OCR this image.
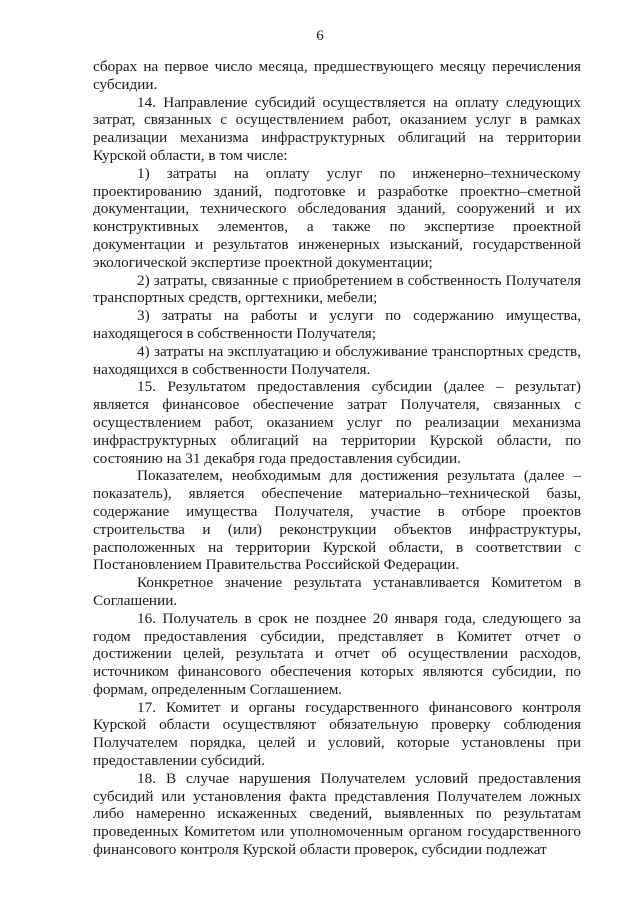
6

сборах на первое число месяца, предшествующего месяцу перечисления субсидии.

14. Направление субсидий осуществляется на оплату следующих затрат, связанных с осуществлением работ, оказанием услуг в рамках реализации механизма инфраструктурных облигаций на территории Курской области, в том числе:

1) затраты на оплату услуг по инженерно–техническому проектированию зданий, подготовке и разработке проектно–сметной документации, технического обследования зданий, сооружений и их конструктивных элементов, а также по экспертизе проектной документации и результатов инженерных изысканий, государственной экологической экспертизе проектной документации;

2) затраты, связанные с приобретением в собственность Получателя транспортных средств, оргтехники, мебели;

3) затраты на работы и услуги по содержанию имущества, находящегося в собственности Получателя;

4) затраты на эксплуатацию и обслуживание транспортных средств, находящихся в собственности Получателя.

15. Результатом предоставления субсидии (далее – результат) является финансовое обеспечение затрат Получателя, связанных с осуществлением работ, оказанием услуг по реализации механизма инфраструктурных облигаций на территории Курской области, по состоянию на 31 декабря года предоставления субсидии.

Показателем, необходимым для достижения результата (далее – показатель), является обеспечение материально–технической базы, содержание имущества Получателя, участие в отборе проектов строительства и (или) реконструкции объектов инфраструктуры, расположенных на территории Курской области, в соответствии с Постановлением Правительства Российской Федерации.

Конкретное значение результата устанавливается Комитетом в Соглашении.

16. Получатель в срок не позднее 20 января года, следующего за годом предоставления субсидии, представляет в Комитет отчет о достижении целей, результата и отчет об осуществлении расходов, источником финансового обеспечения которых являются субсидии, по формам, определенным Соглашением.

17. Комитет и органы государственного финансового контроля Курской области осуществляют обязательную проверку соблюдения Получателем порядка, целей и условий, которые установлены при предоставлении субсидий.

18. В случае нарушения Получателем условий предоставления субсидий или установления факта представления Получателем ложных либо намеренно искаженных сведений, выявленных по результатам проведенных Комитетом или уполномоченным органом государственного финансового контроля Курской области проверок, субсидии подлежат
